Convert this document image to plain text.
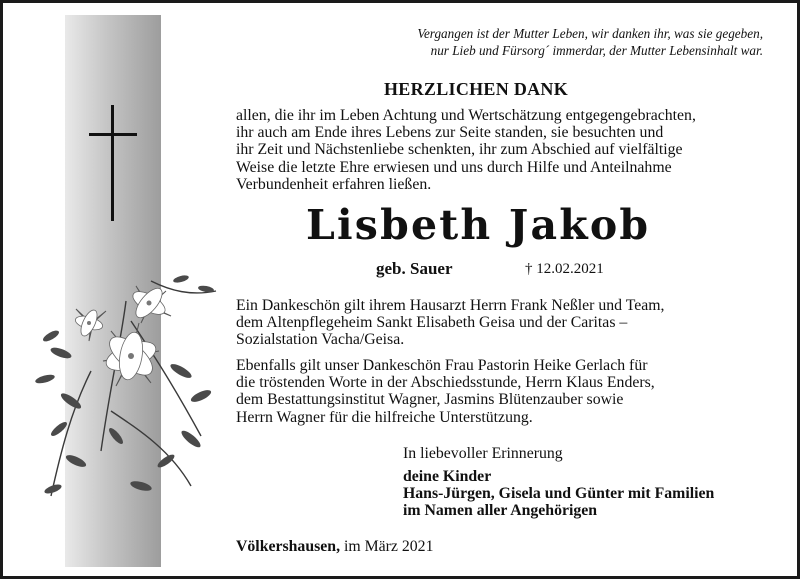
Vergangen ist der Mutter Leben, wir danken ihr, was sie gegeben,
nur Lieb und Fürsorg´ immerdar, der Mutter Lebensinhalt war.
HERZLICHEN DANK
allen, die ihr im Leben Achtung und Wertschätzung entgegengebrachten,
ihr auch am Ende ihres Lebens zur Seite standen, sie besuchten und
ihr Zeit und Nächstenliebe schenkten, ihr zum Abschied auf vielfältige
Weise die letzte Ehre erwiesen und uns durch Hilfe und Anteilnahme
Verbundenheit erfahren ließen.
Lisbeth Jakob
geb. Sauer	† 12.02.2021
Ein Dankeschön gilt ihrem Hausarzt Herrn Frank Neßler und Team,
dem Altenpflegeheim Sankt Elisabeth Geisa und der Caritas –
Sozialstation Vacha/Geisa.
Ebenfalls gilt unser Dankeschön Frau Pastorin Heike Gerlach für
die tröstenden Worte in der Abschiedsstunde, Herrn Klaus Enders,
dem Bestattungsinstitut Wagner, Jasmins Blütenzauber sowie
Herrn Wagner für die hilfreiche Unterstützung.
In liebevoller Erinnerung
deine Kinder
Hans-Jürgen, Gisela und Günter mit Familien
im Namen aller Angehörigen
Völkershausen, im März 2021
